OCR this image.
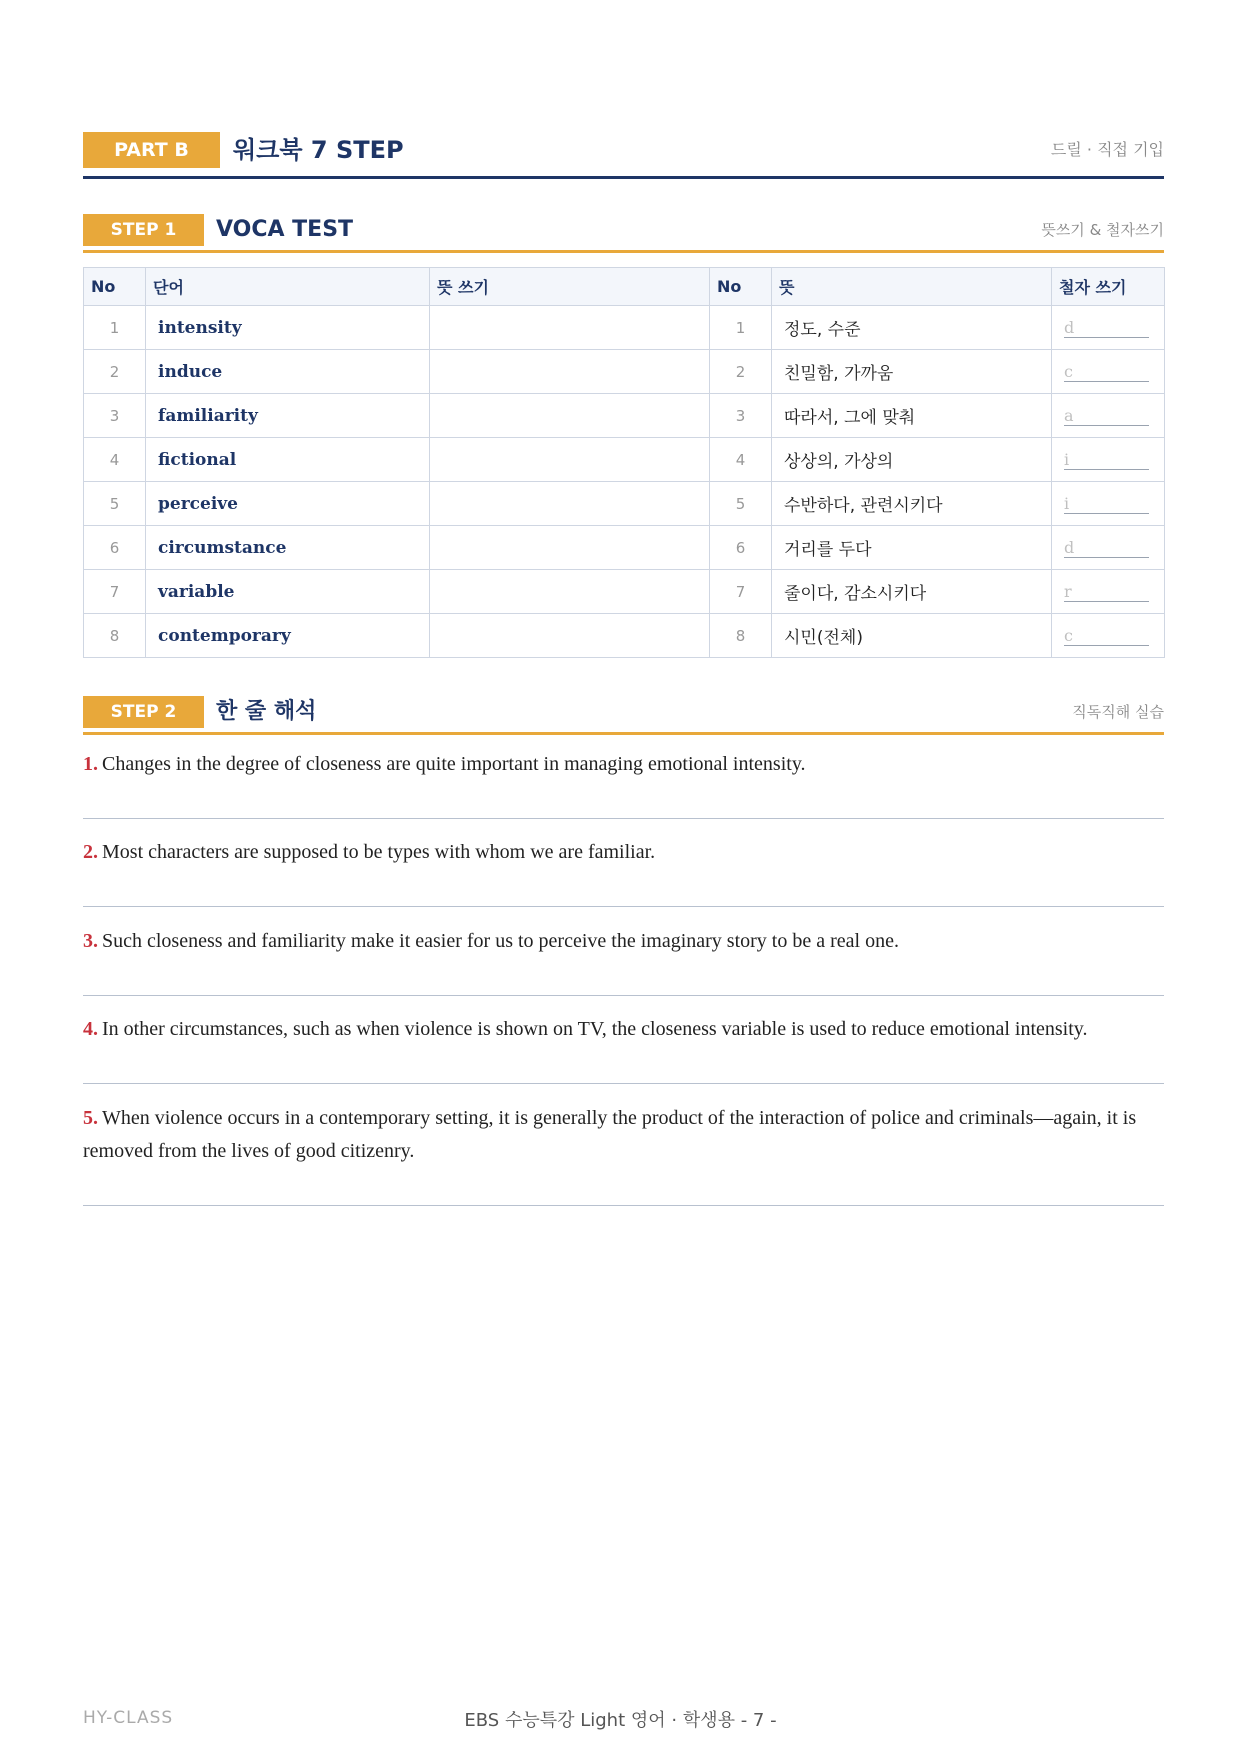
PART B	워크북 7 STEP	드릴 · 직접 기입
STEP 1	VOCA TEST	뜻쓰기 & 철자쓰기
No	단어	뜻 쓰기	No	뜻	철자 쓰기
1	intensity		1	정도, 수준	d
2	induce		2	친밀함, 가까움	c
3	familiarity		3	따라서, 그에 맞춰	a
4	fictional		4	상상의, 가상의	i
5	perceive		5	수반하다, 관련시키다	i
6	circumstance		6	거리를 두다	d
7	variable		7	줄이다, 감소시키다	r
8	contemporary		8	시민(전체)	c
STEP 2	한 줄 해석	직독직해 실습

1. Changes in the degree of closeness are quite important in managing emotional intensity.

2. Most characters are supposed to be types with whom we are familiar.

3. Such closeness and familiarity make it easier for us to perceive the imaginary story to be a real one.

4. In other circumstances, such as when violence is shown on TV, the closeness variable is used to reduce emotional intensity.

5. When violence occurs in a contemporary setting, it is generally the product of the interaction of police and criminals—again, it is removed from the lives of good citizenry.

HY-CLASS	EBS 수능특강 Light 영어 · 학생용 - 7 -
